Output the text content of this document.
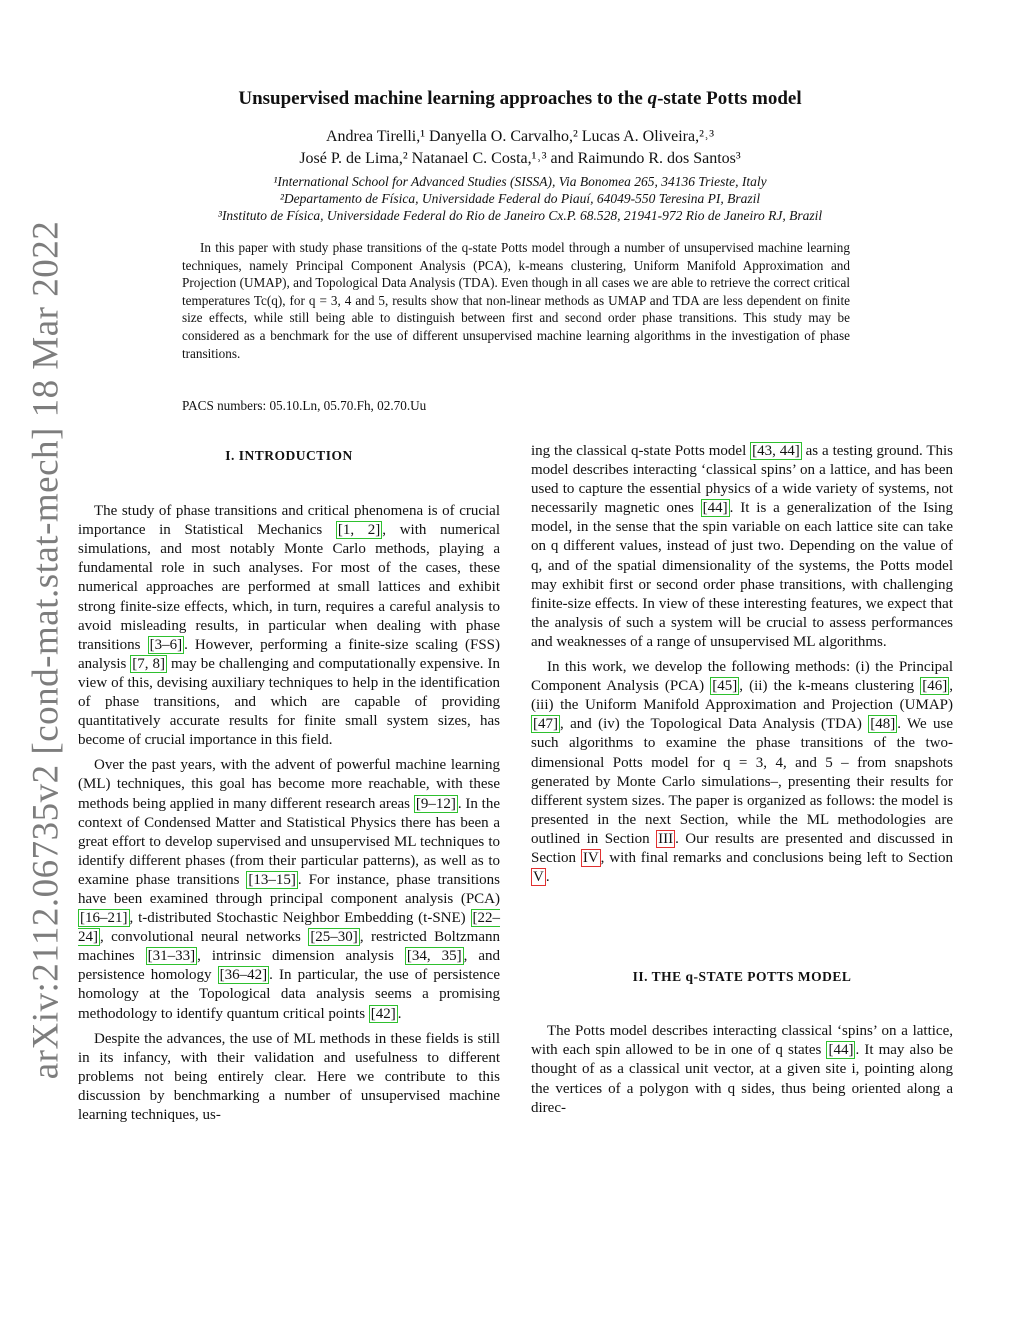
arXiv:2112.06735v2 [cond-mat.stat-mech] 18 Mar 2022
Unsupervised machine learning approaches to the q-state Potts model
Andrea Tirelli,¹ Danyella O. Carvalho,² Lucas A. Oliveira,²˒³
José P. de Lima,² Natanael C. Costa,¹˒³ and Raimundo R. dos Santos³
¹International School for Advanced Studies (SISSA), Via Bonomea 265, 34136 Trieste, Italy
²Departamento de Física, Universidade Federal do Piauí, 64049-550 Teresina PI, Brazil
³Instituto de Física, Universidade Federal do Rio de Janeiro Cx.P. 68.528, 21941-972 Rio de Janeiro RJ, Brazil
In this paper with study phase transitions of the q-state Potts model through a number of unsupervised machine learning techniques, namely Principal Component Analysis (PCA), k-means clustering, Uniform Manifold Approximation and Projection (UMAP), and Topological Data Analysis (TDA). Even though in all cases we are able to retrieve the correct critical temperatures Tc(q), for q = 3, 4 and 5, results show that non-linear methods as UMAP and TDA are less dependent on finite size effects, while still being able to distinguish between first and second order phase transitions. This study may be considered as a benchmark for the use of different unsupervised machine learning algorithms in the investigation of phase transitions.
PACS numbers: 05.10.Ln, 05.70.Fh, 02.70.Uu
I. INTRODUCTION

The study of phase transitions and critical phenomena is of crucial importance in Statistical Mechanics [1, 2] , with numerical simulations, and most notably Monte Carlo methods, playing a fundamental role in such analyses. For most of the cases, these numerical approaches are performed at small lattices and exhibit strong finite-size effects, which, in turn, requires a careful analysis to avoid misleading results, in particular when dealing with phase transitions [3–6] . However, performing a finite-size scaling (FSS) analysis [7, 8] may be challenging and computationally expensive. In view of this, devising auxiliary techniques to help in the identification of phase transitions, and which are capable of providing quantitatively accurate results for finite small system sizes, has become of crucial importance in this field.

Over the past years, with the advent of powerful machine learning (ML) techniques, this goal has become more reachable, with these methods being applied in many different research areas [9–12] . In the context of Condensed Matter and Statistical Physics there has been a great effort to develop supervised and unsupervised ML techniques to identify different phases (from their particular patterns), as well as to examine phase transitions [13–15] . For instance, phase transitions have been examined through principal component analysis (PCA) [16–21] , t-distributed Stochastic Neighbor Embedding (t-SNE) [22–24] , convolutional neural networks [25–30] , restricted Boltzmann machines [31–33] , intrinsic dimension analysis [34, 35] , and persistence homology [36–42] . In particular, the use of persistence homology at the Topological data analysis seems a promising methodology to identify quantum critical points [42] .

Despite the advances, the use of ML methods in these fields is still in its infancy, with their validation and usefulness to different problems not being entirely clear. Here we contribute to this discussion by benchmarking a number of unsupervised machine learning techniques, us-

ing the classical q-state Potts model [43, 44] as a testing ground. This model describes interacting ‘classical spins’ on a lattice, and has been used to capture the essential physics of a wide variety of systems, not necessarily magnetic ones [44] . It is a generalization of the Ising model, in the sense that the spin variable on each lattice site can take on q different values, instead of just two. Depending on the value of q, and of the spatial dimensionality of the systems, the Potts model may exhibit first or second order phase transitions, with challenging finite-size effects. In view of these interesting features, we expect that the analysis of such a system will be crucial to assess performances and weaknesses of a range of unsupervised ML algorithms.

In this work, we develop the following methods: (i) the Principal Component Analysis (PCA) [45] , (ii) the k-means clustering [46] , (iii) the Uniform Manifold Approximation and Projection (UMAP) [47] , and (iv) the Topological Data Analysis (TDA) [48] . We use such algorithms to examine the phase transitions of the two-dimensional Potts model for q = 3, 4, and 5 – from snapshots generated by Monte Carlo simulations–, presenting their results for different system sizes. The paper is organized as follows: the model is presented in the next Section, while the ML methodologies are outlined in Section III . Our results are presented and discussed in Section IV , with final remarks and conclusions being left to Section V .

II. THE q-STATE POTTS MODEL

The Potts model describes interacting classical ‘spins’ on a lattice, with each spin allowed to be in one of q states [44] . It may also be thought of as a classical unit vector, at a given site i, pointing along the vertices of a polygon with q sides, thus being oriented along a direc-
